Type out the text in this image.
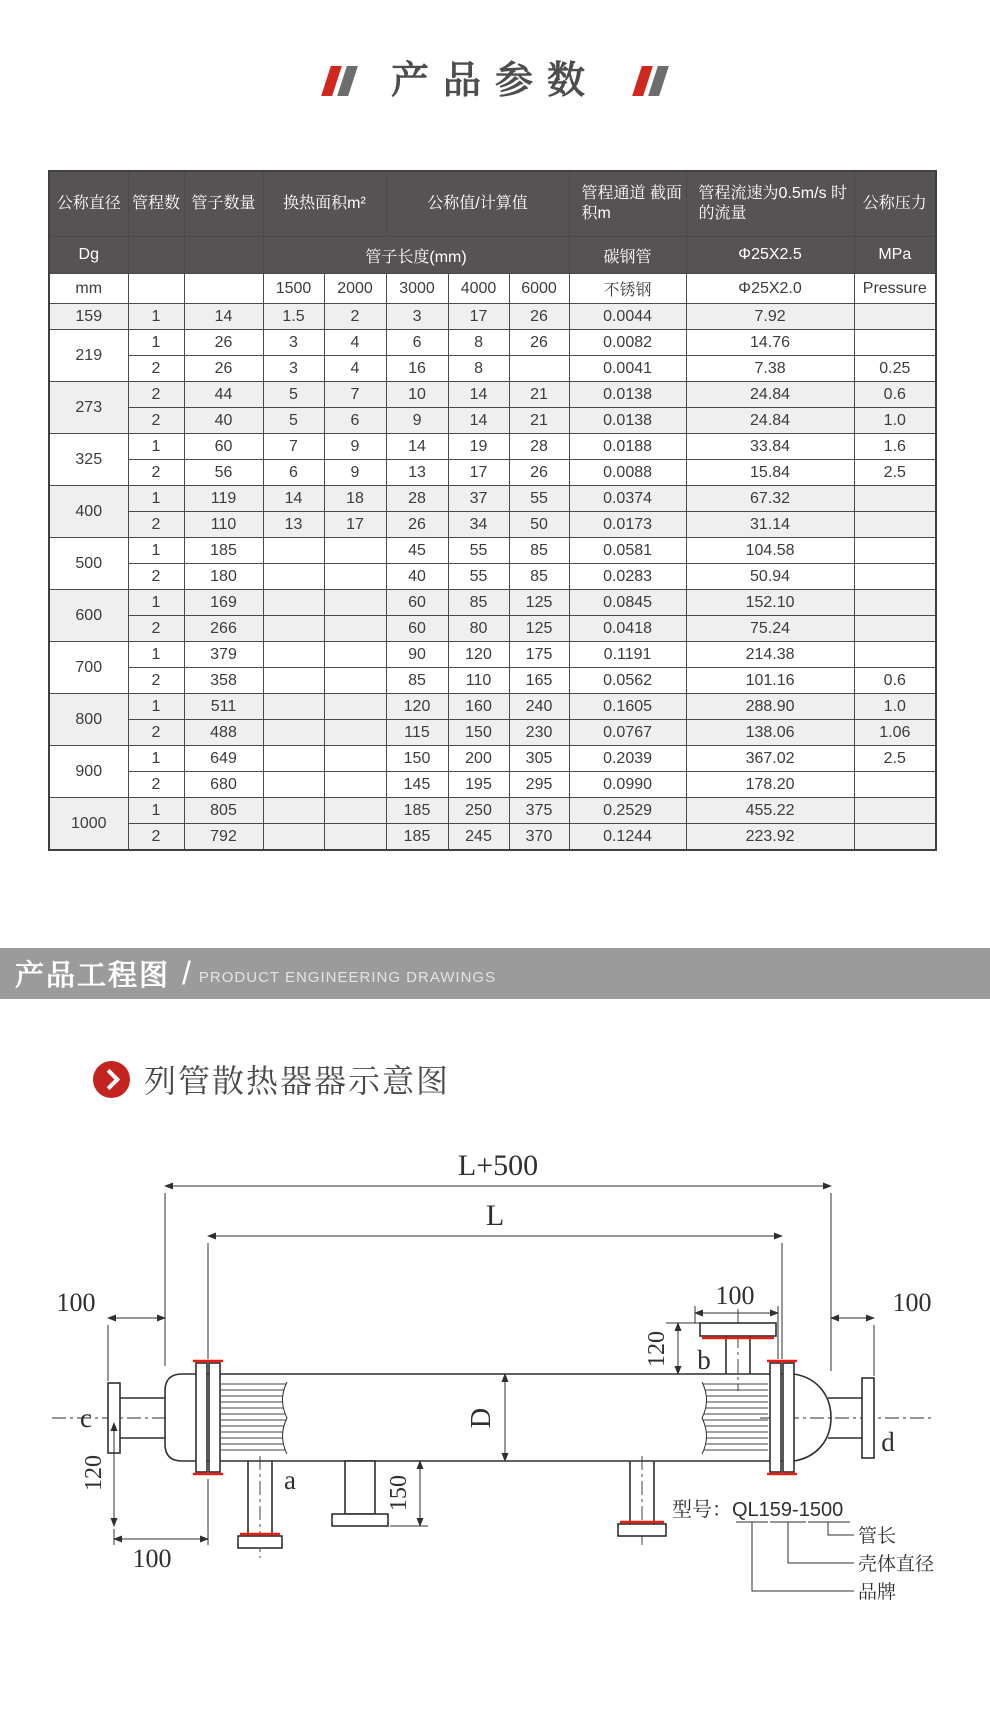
产品参数
公称直径	管程数	管子数量	换热面积m²		公称值/计算值			管程通道 截面积m	管程流速为0.5m/s 时的流量	公称压力
Dg			管子长度(mm)					碳钢管	Φ25X2.5	MPa
mm			1500	2000	3000	4000	6000	不锈钢	Φ25X2.0	Pressure
159	1	14	1.5	2	3	17	26	0.0044	7.92	
219	1	26	3	4	6	8	26	0.0082	14.76	
	2	26	3	4	16	8		0.0041	7.38	0.25
273	2	44	5	7	10	14	21	0.0138	24.84	0.6
	2	40	5	6	9	14	21	0.0138	24.84	1.0
325	1	60	7	9	14	19	28	0.0188	33.84	1.6
	2	56	6	9	13	17	26	0.0088	15.84	2.5
400	1	119	14	18	28	37	55	0.0374	67.32	
	2	110	13	17	26	34	50	0.0173	31.14	
500	1	185			45	55	85	0.0581	104.58	
	2	180			40	55	85	0.0283	50.94	
600	1	169			60	85	125	0.0845	152.10	
	2	266			60	80	125	0.0418	75.24	
700	1	379			90	120	175	0.1191	214.38	
	2	358			85	110	165	0.0562	101.16	0.6
800	1	511			120	160	240	0.1605	288.90	1.0
	2	488			115	150	230	0.0767	138.06	1.06
900	1	649			150	200	305	0.2039	367.02	2.5
	2	680			145	195	295	0.0990	178.20	
1000	1	805			185	250	375	0.2529	455.22	
	2	792			185	245	370	0.1244	223.92	
产品工程图 / PRODUCT ENGINEERING DRAWINGS
列管散热器器示意图
L+500
L
100
120
100	100
D
150
120
100
a
b
c
d
型号：QL159-1500
管长
壳体直径
品牌
